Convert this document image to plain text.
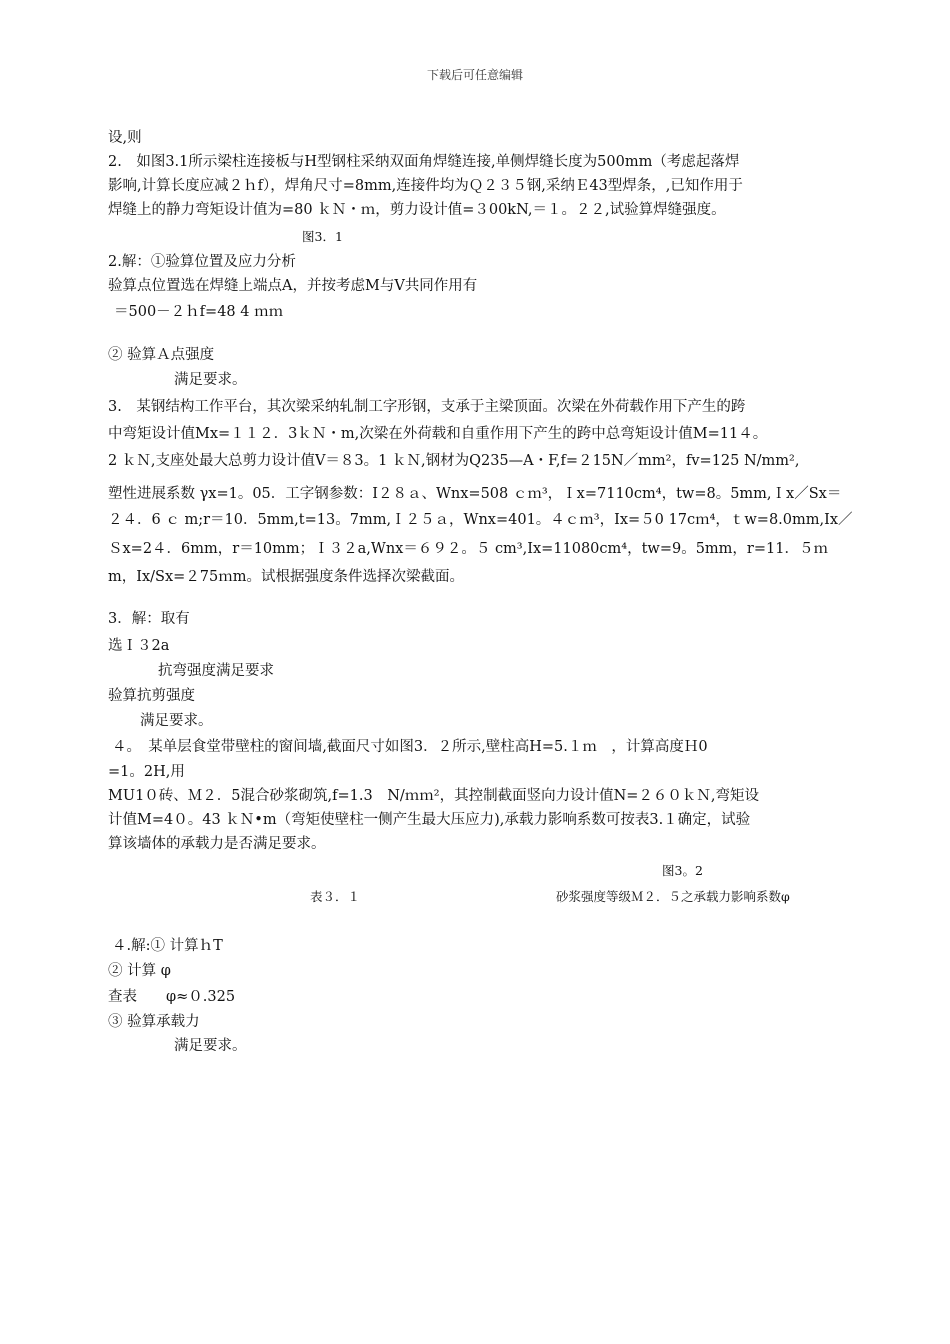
下载后可任意编辑
设,则
2.　如图3.1所示梁柱连接板与H型钢柱采纳双面角焊缝连接,单侧焊缝长度为500mm（考虑起落焊
影响,计算长度应减２ｈf），焊角尺寸=8mm,连接件均为Ｑ２３５钢,采纳Ｅ43型焊条，,已知作用于
焊缝上的静力弯矩设计值为=80 ｋＮ・ｍ，剪力设计值=３00kN,＝１。２２,试验算焊缝强度。
图3．1
2.解：①验算位置及应力分析
验算点位置选在焊缝上端点A，并按考虑M与V共同作用有
＝500－２ｈf=48 4 ｍｍ
② 验算Ａ点强度
满足要求。
3.　某钢结构工作平台，其次梁采纳轧制工字形钢，支承于主梁顶面。次梁在外荷载作用下产生的跨
中弯矩设计值Mx=１１２．3ｋＮ・m,次梁在外荷载和自重作用下产生的跨中总弯矩设计值M=11４。
2 ｋＮ,支座处最大总剪力设计值V＝８3。1 ｋＮ,钢材为Q235—A・F,f=２15N／mm²，fv=125 N/mm²,
塑性进展系数 γx=1。05．工字钢参数：I２８ａ、Wnx=508 ｃｍ³，Ｉx=7110cm⁴，tw=8。5mm,Ｉx／Sx＝
２４．6 ｃ m;r＝10．5mm,t=13。7mm,Ｉ２５ａ，Wnx=401。４ｃｍ³，Ix=５0 17cｍ⁴，ｔw=8.0mm,Ix／
Ｓx=2４．6mm，r＝10mm；Ｉ３２a,Wnx＝６９２。５ cm³,Ix=11080cm⁴，tw=9。5mm，r=11．５ｍ
m，Ix/Sx=２75ｍm。试根据强度条件选择次梁截面。
3．解：取有
选Ｉ３2a
抗弯强度满足要求
验算抗剪强度
满足要求。
４。　某单层食堂带壁柱的窗间墙,截面尺寸如图3．２所示,壁柱高H=5.１ｍ　，计算高度Ｈ0
=1。2H,用
MU1０砖、Ｍ２．5混合砂浆砌筑,f=1.3　N/ｍｍ²，其控制截面竖向力设计值N=２６０ｋＮ,弯矩设
计值M=4０。43 ｋＮ•m（弯矩使壁柱一侧产生最大压应力),承载力影响系数可按表3.１确定，试验
算该墙体的承载力是否满足要求。
图3。2
表３．１	砂浆强度等级Ｍ２．５之承载力影响系数φ
４.解:① 计算ｈT
② 计算 φ
查表　　φ≈０.325
③ 验算承载力
满足要求。
